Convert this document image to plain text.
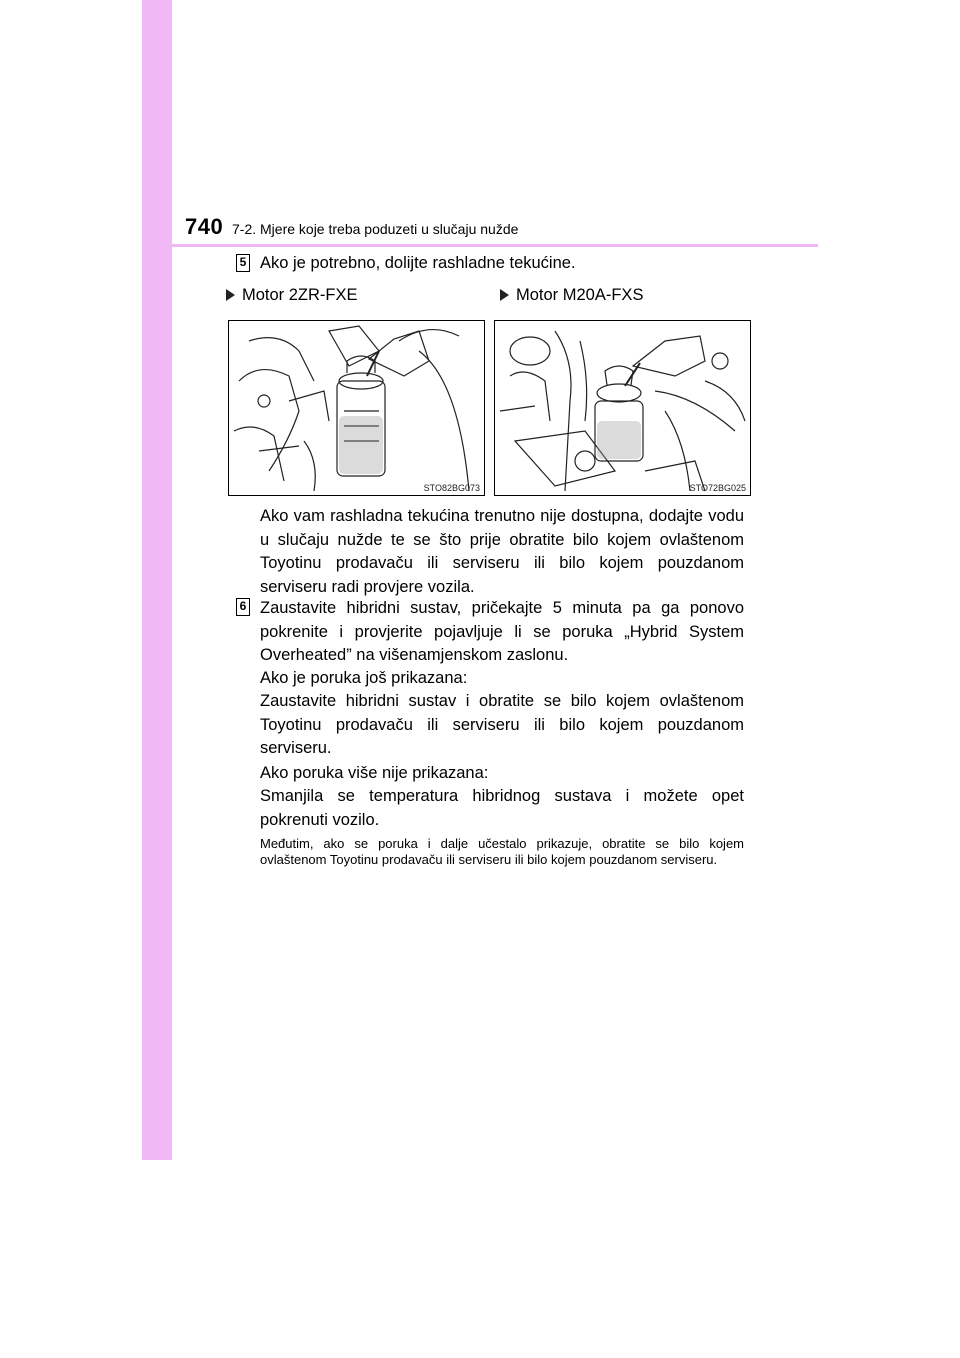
740 7-2. Mjere koje treba poduzeti u slučaju nužde
5 Ako je potrebno, dolijte rashladne tekućine.
Motor 2ZR-FXE	Motor M20A-FXS
STO82BG073	STO72BG025
Ako vam rashladna tekućina trenutno nije dostupna, dodajte vodu u slučaju nužde te se što prije obratite bilo kojem ovlaštenom Toyotinu prodavaču ili serviseru ili bilo kojem pouzdanom serviseru radi provjere vozila.
6 Zaustavite hibridni sustav, pričekajte 5 minuta pa ga ponovo pokrenite i provjerite pojavljuje li se poruka „Hybrid System Overheated” na višenamjenskom zaslonu.
Ako je poruka još prikazana:
Zaustavite hibridni sustav i obratite se bilo kojem ovlaštenom Toyotinu prodavaču ili serviseru ili bilo kojem pouzdanom serviseru.
Ako poruka više nije prikazana:
Smanjila se temperatura hibridnog sustava i možete opet pokrenuti vozilo.
Međutim, ako se poruka i dalje učestalo prikazuje, obratite se bilo kojem ovlaštenom Toyotinu prodavaču ili serviseru ili bilo kojem pouzdanom serviseru.
